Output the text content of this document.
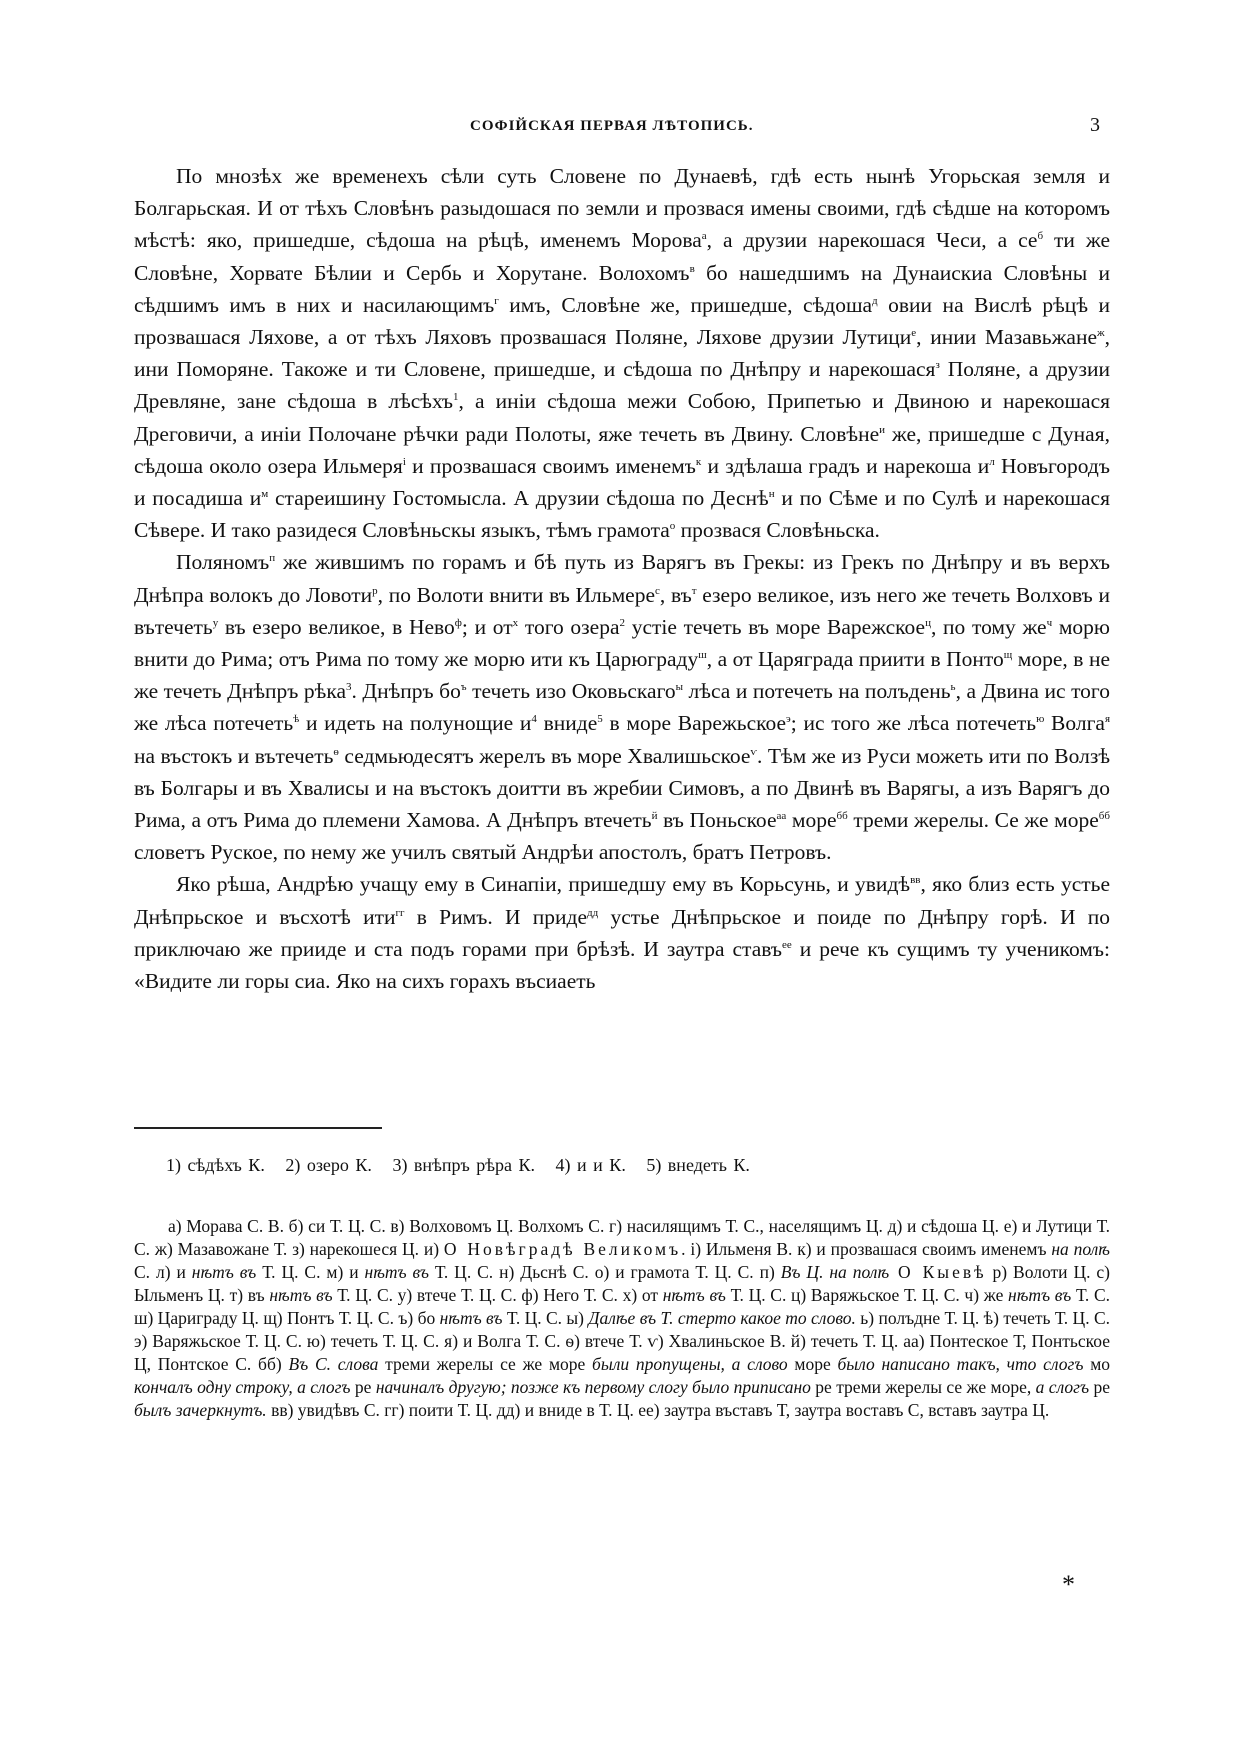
СОФІЙСКАЯ ПЕРВАЯ ЛѢТОПИСЬ.	3

По мнозѣх же временехъ сѣли суть Словене по Дунаевѣ, гдѣ есть нынѣ Угорьская земля и Болгарьская. И от тѣхъ Словѣнъ разыдошася по земли и прозвася имены своими, гдѣ сѣдше на которомъ мѣстѣ: яко, пришедше, сѣдоша на рѣцѣ, именемъ Морова$^а$, а друзии нарекошася Чеси, а $се^б$ ти же Словѣне, Хорвате Бѣлии и Сербь и Хорутане. Волохомъ$^в$ бо нашедшимъ на Дунаискиа Словѣны и сѣдшимъ имъ в них и насилающимъ$^г$ имъ, Словѣне же, пришедше, сѣдоша$^д$ овии на Вислѣ рѣцѣ и прозвашася Ляхове, а от тѣхъ Ляховъ прозвашася Поляне, Ляхове друзии Лутици$^е$, инии Мазавьжане$^ж$, ини Поморяне. Такоже и ти Словене, пришедше, и сѣдоша по Днѣпру и нарекошася$^з$ Поляне, а друзии Древляне, зане сѣдоша в лѣсѣхъ$^1$, а иніи сѣдоша межи Собою, Припетью и Двиною и нарекошася Дреговичи, а иніи Полочане рѣчки ради Полоты, яже течеть въ Двину. Словѣне$^и$ же, пришедше с Дуная, сѣдоша около озера Ильмеря$^і$ и прозвашася своимъ именемъ$^к$ и здѣлаша градъ и нарекоша $и^л$ Новъгородъ и посадиша $и^м$ стареишину Гостомысла. А друзии сѣдоша по Деснѣ$^н$ и по Сѣме и по Сулѣ и нарекошася Сѣвере. И тако разидеся Словѣньскы языкъ, тѣмъ грамота$^о$ прозвася Словѣньска.

Поляномъ$^п$ же жившимъ по горамъ и бѣ путь из Варягъ въ Грекы: из Грекъ по Днѣпру и въ верхъ Днѣпра волокъ до Ловоти$^р$, по Волоти внити въ Ильмере$^с$, $въ^т$ езеро великое, изъ него же течеть Волховъ и вътечеть$^у$ въ езеро великое, в Нево$^ф$; и $от^х$ того озера$^2$ устіе течеть въ море Варежское$^ц$, по тому $же^ч$ морю внити до Рима; отъ Рима по тому же морю ити къ Царюграду$^ш$, а от Царяграда приити в Понто$^щ$ море, в не же течеть Днѣпръ рѣка$^3$. Днѣпръ $бо^ъ$ течеть изо Оковьскаго$^ы$ лѣса и потечеть на полъдень$^ь$, а Двина ис того же лѣса потечеть$^ѣ$ и идеть на полунощие $и^4$ вниде$^5$ в море Варежьское$^э$; ис того же лѣса потечеть$^ю$ Волга$^я$ на въстокъ и вътечеть$^ѳ$ седмьюдесятъ жерелъ въ море Хвалишьское$^ѵ$. Тѣм же из Руси можеть ити по Волзѣ въ Болгары и въ Хвалисы и на въстокъ доитти въ жребии Симовъ, а по Двинѣ въ Варягы, а изъ Варягъ до Рима, а отъ Рима до племени Хамова. А Днѣпръ втечеть$^й$ въ Поньское$^{аа}$ море$^{бб}$ треми жерелы. Се же море$^{бб}$ словетъ Руское, по нему же училъ святый Андрѣи апостолъ, братъ Петровъ.

Яко рѣша, Андрѣю учащу ему в Синапіи, пришедшу ему въ Корьсунь, и увидѣ$^{вв}$, яко близ есть устье Днѣпрьское и въсхотѣ ити$^{гг}$ в Римъ. И приде$^{дд}$ устье Днѣпрьское и поиде по Днѣпру горѣ. И по приключаю же прииде и ста подъ горами при брѣзѣ. И заутра ставъ$^{ее}$ и рече къ сущимъ ту ученикомъ: «Видите ли горы сиа. Яко на сихъ горахъ въсиаеть

1) сѣдѣхъ К. 2) озеро К. 3) внѣпръ рѣра К. 4) и и К. 5) внедеть К.

а) Морава С. В. б) си Т. Ц. С. в) Волховомъ Ц. Волхомъ С. г) насилящимъ Т. С., населящимъ Ц. д) и сѣдоша Ц. е) и Лутици Т. С. ж) Мазавожане Т. з) нарекошеся Ц. и) О Новѣградѣ Великомъ. і) Ильменя В. к) и прозвашася своимъ именемъ на полѣ С. л) и нѣтъ въ Т. Ц. С. м) и нѣтъ въ Т. Ц. С. н) Дьснѣ С. о) и грамота Т. Ц. С. п) Въ Ц. на полѣ О Кыевѣ р) Волоти Ц. с) Ыльменъ Ц. т) въ нѣтъ въ Т. Ц. С. у) втече Т. Ц. С. ф) Него Т. С. х) от нѣтъ въ Т. Ц. С. ц) Варяжьское Т. Ц. С. ч) же нѣтъ въ Т. С. ш) Цариграду Ц. щ) Понтъ Т. Ц. С. ъ) бо нѣтъ въ Т. Ц. С. ы) Далѣе въ Т. стерто какое то слово. ь) полъдне Т. Ц. ѣ) течеть Т. Ц. С. э) Варяжьское Т. Ц. С. ю) течеть Т. Ц. С. я) и Волга Т. С. ѳ) втече Т. ѵ) Хвалиньское В. й) течеть Т. Ц. аа) Понтеское Т, Понтьское Ц, Понтское С. бб) Въ С. слова треми жерелы се же море были пропущены, а слово море было написано такъ, что слогъ мо кончалъ одну строку, а слогъ ре начиналъ другую; позже къ первому слогу было приписано ре треми жерелы се же море, а слогъ ре былъ зачеркнутъ. вв) увидѣвъ С. гг) поити Т. Ц. дд) и вниде в Т. Ц. ее) заутра въставъ Т, заутра воставъ С, вставъ заутра Ц.

*
